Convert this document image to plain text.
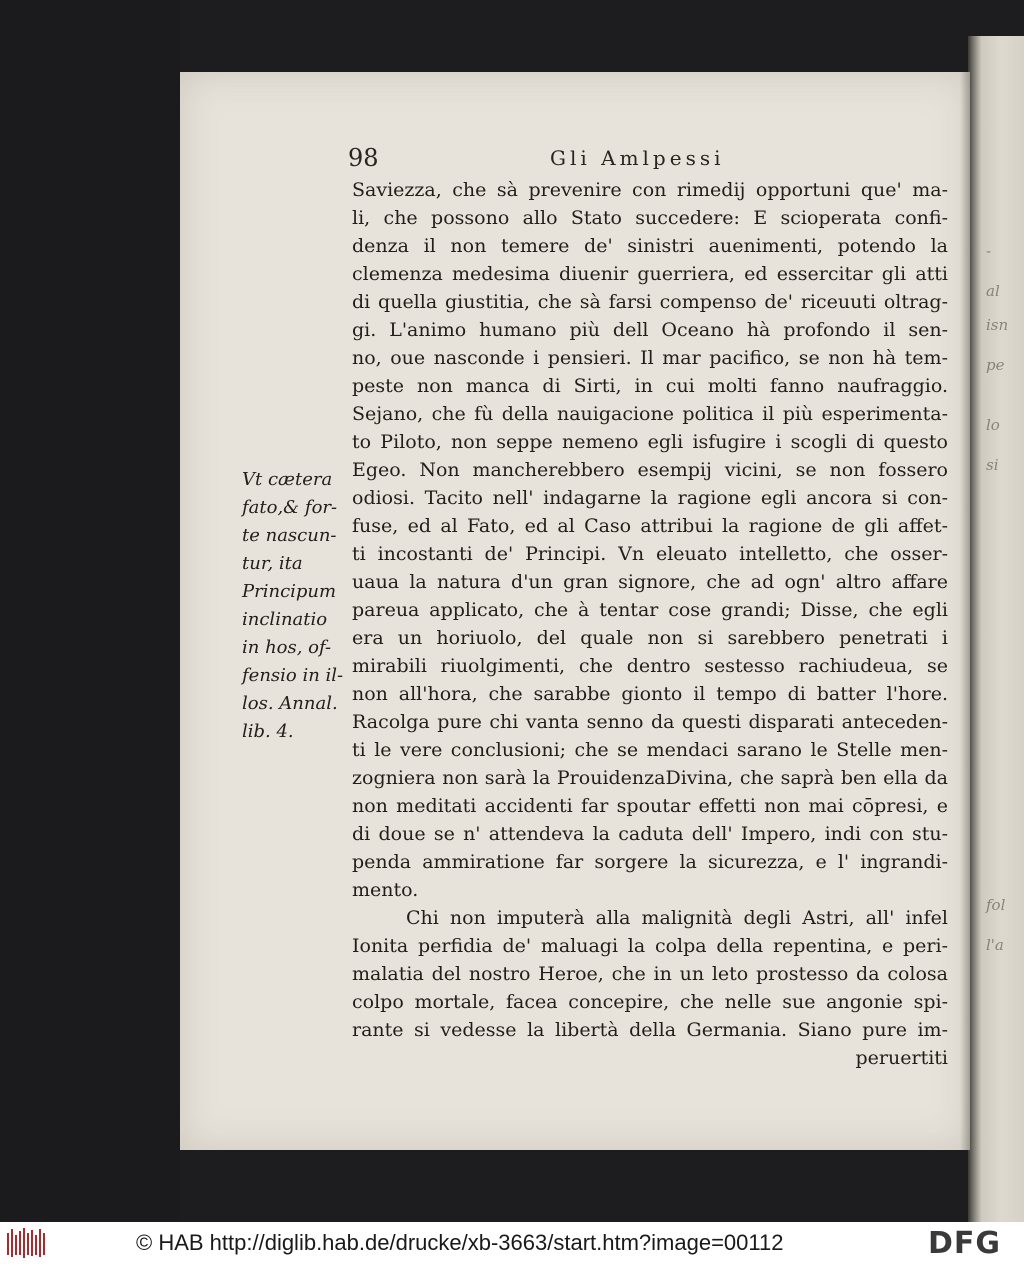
-
al
isn
pe
lo
si
fol
l'a
98	Gli Amlpessi
Saviezza, che sà prevenire con rimedij opportuni que' ma-
li, che possono allo Stato succedere: E scioperata confi-
denza il non temere de' sinistri auenimenti, potendo la
clemenza medesima diuenir guerriera, ed essercitar gli atti
di quella giustitia, che sà farsi compenso de' riceuuti oltrag-
gi. L'animo humano più dell Oceano hà profondo il sen-
no, oue nasconde i pensieri. Il mar pacifico, se non hà tem-
peste non manca di Sirti, in cui molti fanno naufraggio.
Sejano, che fù della nauigacione politica il più esperimenta-
to Piloto, non seppe nemeno egli isfugire i scogli di questo
Egeo. Non mancherebbero esempij vicini, se non fossero
odiosi. Tacito nell' indagarne la ragione egli ancora si con-
fuse, ed al Fato, ed al Caso attribui la ragione de gli affet-
ti incostanti de' Principi. Vn eleuato intelletto, che osser-
uaua la natura d'un gran signore, che ad ogn' altro affare
pareua applicato, che à tentar cose grandi; Disse, che egli
era un horiuolo, del quale non si sarebbero penetrati i
mirabili riuolgimenti, che dentro sestesso rachiudeua, se
non all'hora, che sarabbe gionto il tempo di batter l'hore.
Racolga pure chi vanta senno da questi disparati anteceden-
ti le vere conclusioni; che se mendaci sarano le Stelle men-
zogniera non sarà la ProuidenzaDivina, che saprà ben ella da
non meditati accidenti far spoutar effetti non mai cōpresi, e
di doue se n' attendeva la caduta dell' Impero, indi con stu-
penda ammiratione far sorgere la sicurezza, e l' ingrandi-
mento.
Chi non imputerà alla malignità degli Astri, all' infel
Ionita perfidia de' maluagi la colpa della repentina, e peri-
malatia del nostro Heroe, che in un leto prostesso da colosa
colpo mortale, facea concepire, che nelle sue angonie spi-
rante si vedesse la libertà della Germania. Siano pure im-
peruertiti
Vt cætera
fato,& for-
te nascun-
tur, ita
Principum
inclinatio
in hos, of-
fensio in il-
los. Annal.
lib. 4.
© HAB http://diglib.hab.de/drucke/xb-3663/start.htm?image=00112	DFG
